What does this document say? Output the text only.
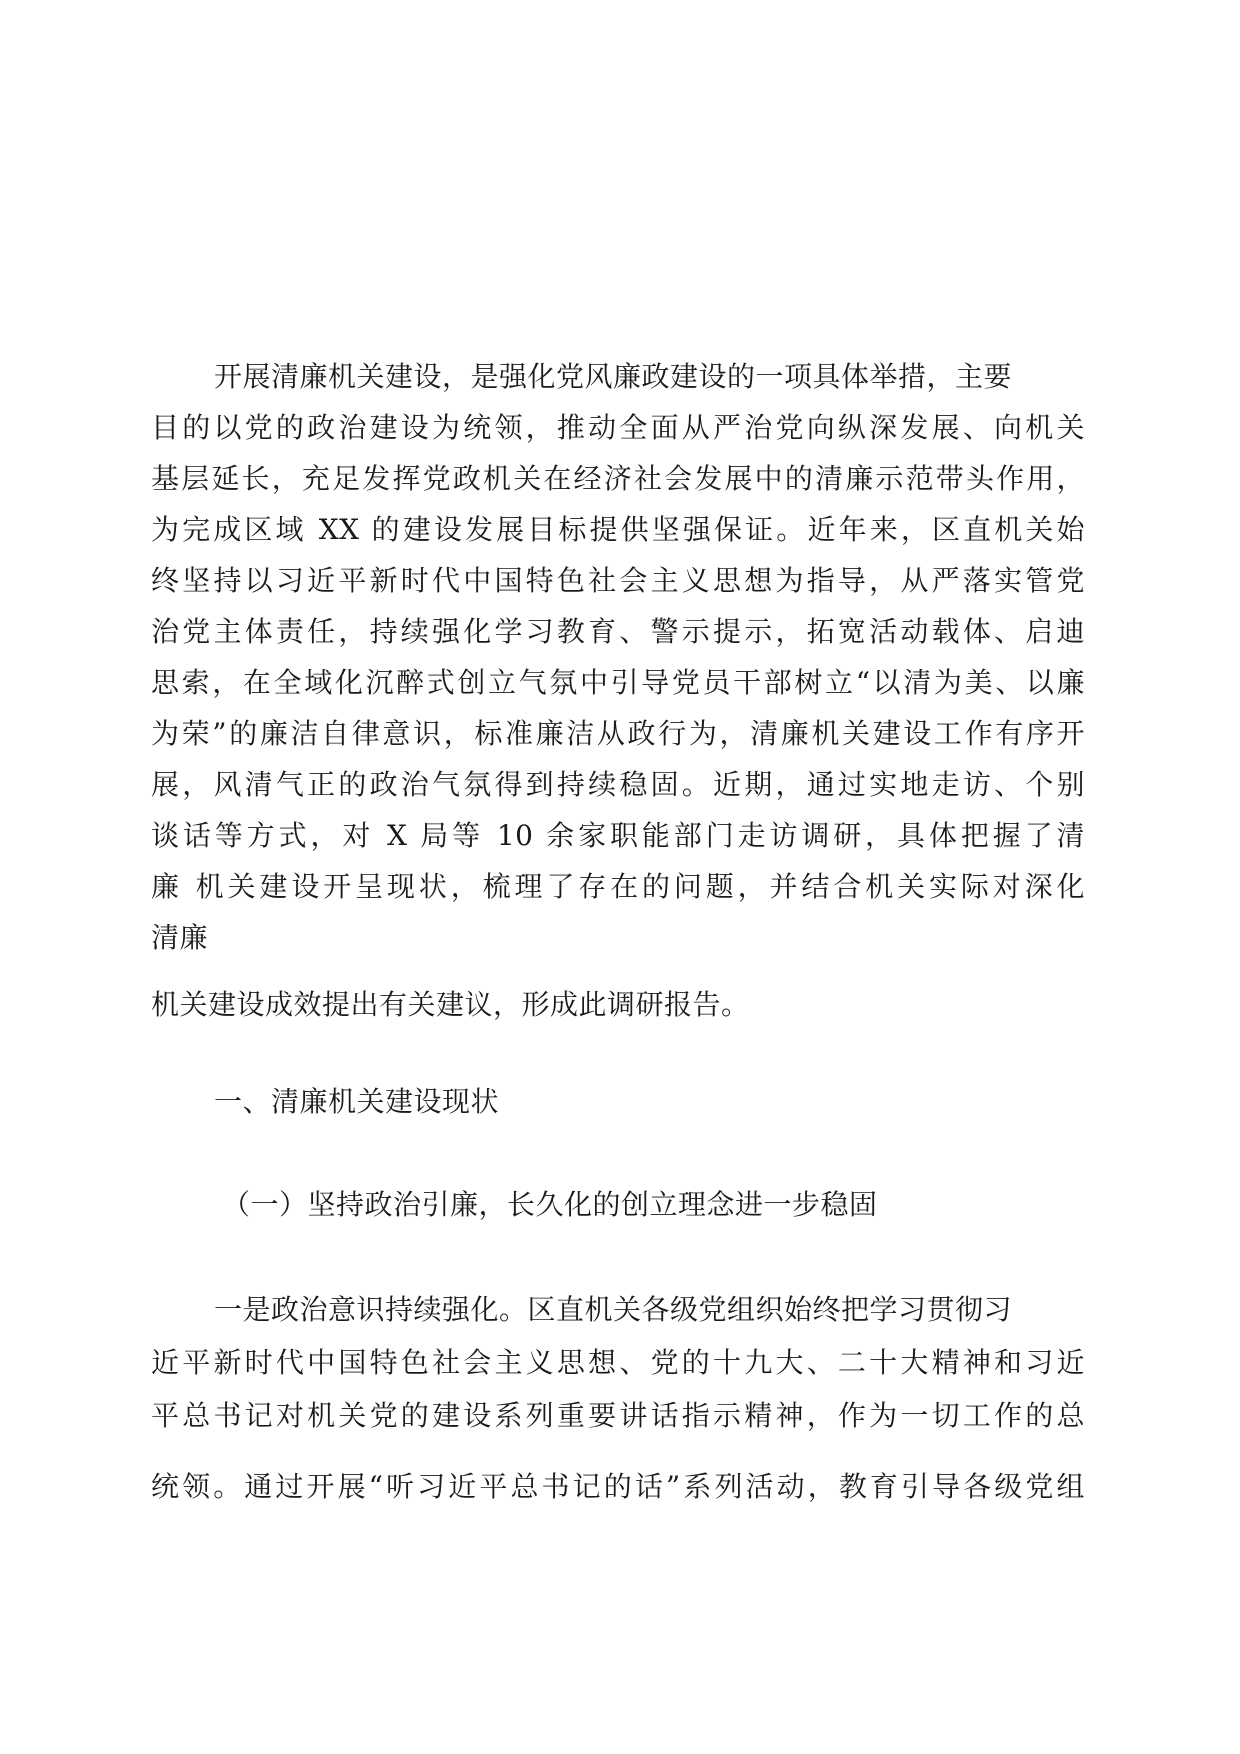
开展清廉机关建设，是强化党风廉政建设的一项具体举措，主要
目的以党的政治建设为统领，推动全面从严治党向纵深发展、向机关
基层延长，充足发挥党政机关在经济社会发展中的清廉示范带头作用，
为完成区域 XX 的建设发展目标提供坚强保证。近年来，区直机关始
终坚持以习近平新时代中国特色社会主义思想为指导，从严落实管党
治党主体责任，持续强化学习教育、警示提示，拓宽活动载体、启迪
思索，在全域化沉醉式创立气氛中引导党员干部树立“以清为美、以廉
为荣”的廉洁自律意识，标准廉洁从政行为，清廉机关建设工作有序开
展，风清气正的政治气氛得到持续稳固。近期，通过实地走访、个别
谈话等方式，对 X 局等 10 余家职能部门走访调研，具体把握了清
廉 机关建设开呈现状，梳理了存在的问题，并结合机关实际对深化
清廉
机关建设成效提出有关建议，形成此调研报告。
一、清廉机关建设现状
（一）坚持政治引廉，长久化的创立理念进一步稳固
一是政治意识持续强化。区直机关各级党组织始终把学习贯彻习
近平新时代中国特色社会主义思想、党的十九大、二十大精神和习近
平总书记对机关党的建设系列重要讲话指示精神，作为一切工作的总
统领。通过开展“听习近平总书记的话”系列活动，教育引导各级党组
